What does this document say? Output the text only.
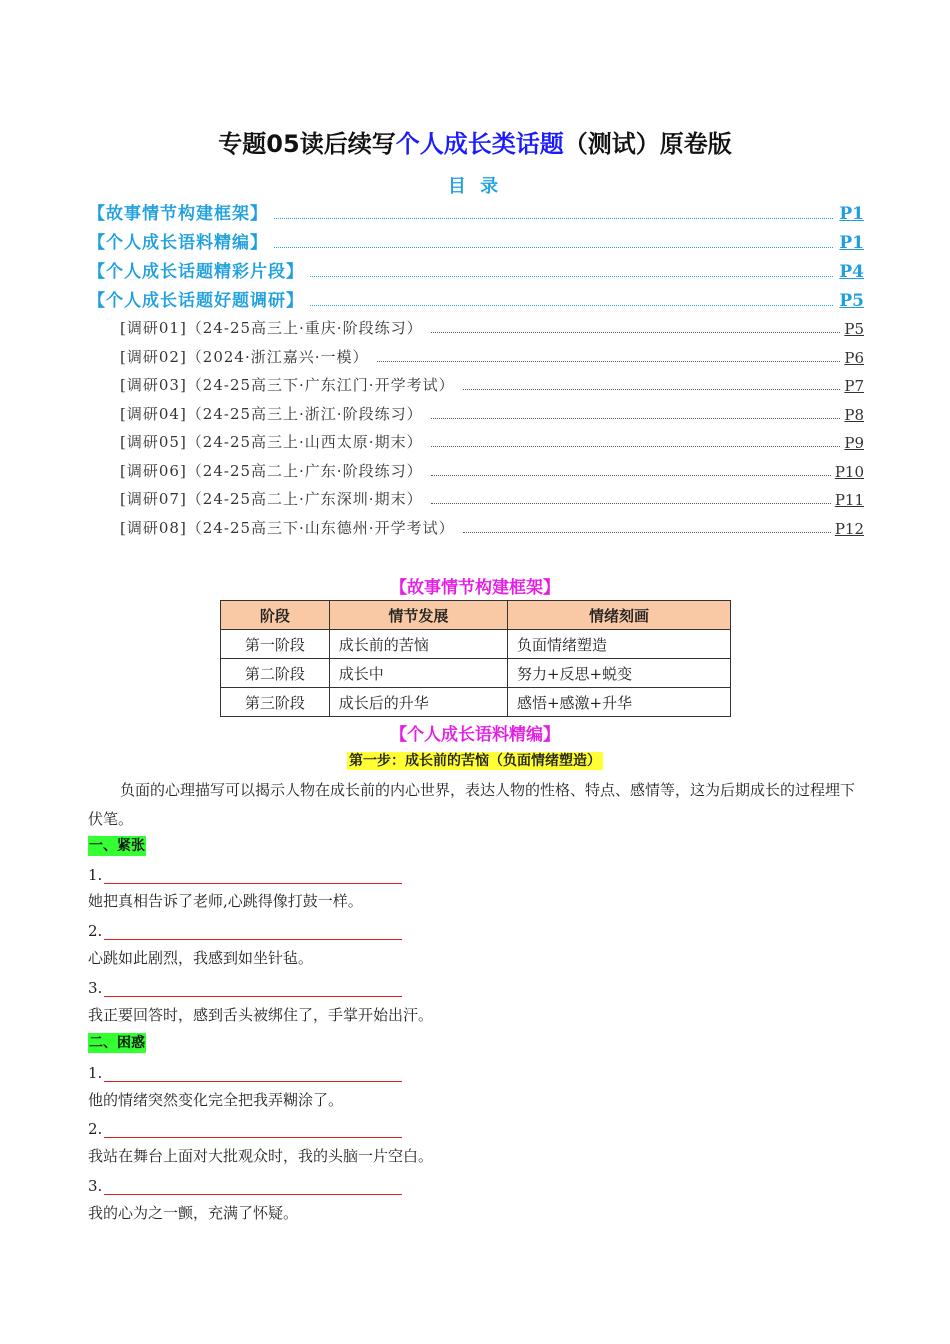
专题05读后续写个人成长类话题（测试）原卷版
目 录
【故事情节构建框架】	P1
【个人成长语料精编】	P1
【个人成长话题精彩片段】	P4
【个人成长话题好题调研】	P5
[调研01]（24-25高三上·重庆·阶段练习）	P5
[调研02]（2024·浙江嘉兴·一模）	P6
[调研03]（24-25高三下·广东江门·开学考试）	P7
[调研04]（24-25高三上·浙江·阶段练习）	P8
[调研05]（24-25高三上·山西太原·期末）	P9
[调研06]（24-25高二上·广东·阶段练习）	P10
[调研07]（24-25高二上·广东深圳·期末）	P11
[调研08]（24-25高三下·山东德州·开学考试）	P12
【故事情节构建框架】
阶段	情节发展	情绪刻画
第一阶段	成长前的苦恼	负面情绪塑造
第二阶段	成长中	努力+反思+蜕变
第三阶段	成长后的升华	感悟+感激+升华
【个人成长语料精编】
第一步：成长前的苦恼（负面情绪塑造）
负面的心理描写可以揭示人物在成长前的内心世界，表达人物的性格、特点、感情等，这为后期成长的过程埋下伏笔。
一、紧张
1.
她把真相告诉了老师,心跳得像打鼓一样。
2.
心跳如此剧烈，我感到如坐针毡。
3.
我正要回答时，感到舌头被绑住了，手掌开始出汗。
二、困惑
1.
他的情绪突然变化完全把我弄糊涂了。
2.
我站在舞台上面对大批观众时，我的头脑一片空白。
3.
我的心为之一颤，充满了怀疑。
